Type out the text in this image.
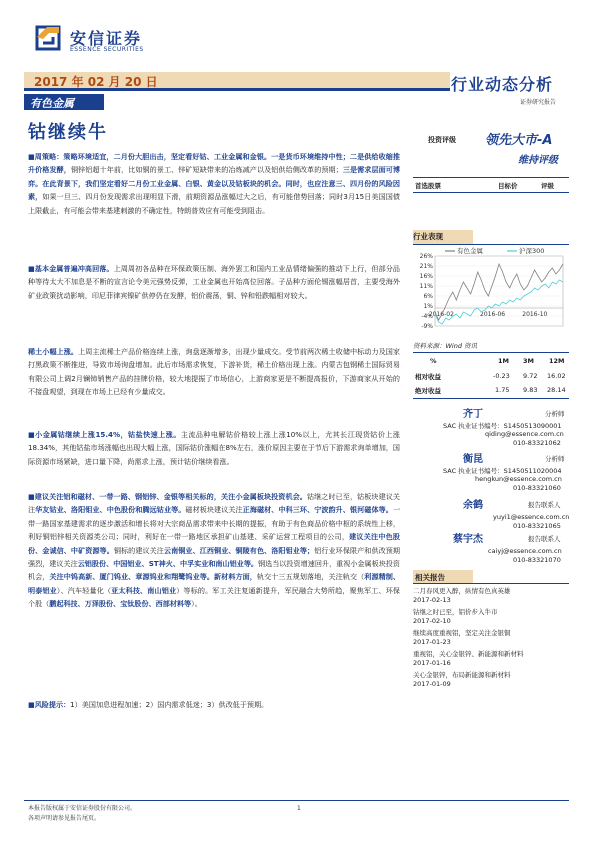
安信证券
ESSENCE SECURITIES
2017 年 02 月 20 日
有色金属
行业动态分析
证券研究报告
钴继续牛
■周策略：策略环境适宜，二月份大胆出击，坚定看好钴、工业金属和金银。一是货币环境维持中性；二是供给收缩推升价格发酵，铜锌铝超十年前，比如铜的景工、锌矿短缺带来的冶炼减产以及铝供给侧改革的预期；三是需求层面可博弈。在此背景下，我们坚定看好二月份工业金属、白银、黄金以及钴板块的机会。同时，也应注意三、四月份的风险因素，如果一旦三、四月份发现需求出现明显下滑，前期资源品涨幅过大之后，有可能借势回落；同时3月15日美国国债上限截止，有可能会带来基建刺激的不确定性，特朗普效应有可能受到阻击。
■基本金属普遍冲高回落。上周周初各品种在环保政策压制、海外罢工和国内工业品情绪偏强的推动下上行，但部分品种等待太大不加息是不断的宣言论令美元强势反弹，工业金属也开始高位回落。子品种方面伦锡涨幅居首，主要受海外矿业政策扰动影响，印尼菲律宾镍矿供停仍在发酵，铝价震荡，铜、锌和铅跌幅相对较大。
稀土小幅上涨。上周主流稀土产品价格连续上涨，询盘逐渐增多，出现少量成交。受节前两次稀土收储中标动力及国家打黑政策不断推进，导致市场询盘增加。此后市场需求恢复，下游补货，稀土价格出现上涨。内蒙古包钢稀土国际贸易有限公司上调2月镧铈销售产品的挂牌价格，较大地提振了市场信心，上游商家更是不断提高报价，下游商家从开始的不接盘观望，到现在市场上已经有少量成交。
■小金属钴继续上涨15.4%，钴盐快速上涨。主流品种电解钴价格较上涨上涨10%以上，尤其长江现货钴价上涨18.34%，其他钴盐市场涨幅也出现大幅上涨，国际钴价涨幅在8%左右，涨价原因主要在于节后下游需求询单增加，国际资源市场紧缺，进口量下降，尚需求上涨，预计钴价继续看涨。
■建议关注铝和磁材、一带一路、钢铝锌、金银等相关标的，关注小金属板块投资机会。钴继之时已至，钴板块建议关注华友钴业、洛阳钼业、中色股份和腾远钴业等。磁材板块建议关注正海磁材、中科三环、宁波韵升、银河磁体等。一带一路国家基建需求的逐步激活和增长将对大宗商品需求带来中长期的提振，有助于有色商品价格中枢的系统性上移，利好铜铝锌相关资源类公司；同时，利好在一带一路地区承担矿山基建、采矿运营工程项目的公司，建议关注中色股份、金诚信、中矿资源等。铜标的建议关注云南铜业、江西铜业、铜陵有色、洛阳钼业等；铝行业环保限产和供改预期强烈，建议关注云铝股份、中国铝业、ST神火、中孚实业和南山铝业等。钢选当以投资增速回升，重视小金属板块投资机会，关注中钨高新、厦门钨业、章源钨业和翔鹭钨业等。新材料方面，轨交十三五规划落地，关注轨交（利源精制、明泰铝业）、汽车轻量化（亚太科技、南山铝业）等标的。军工关注复通新提升，军民融合大势所趋，聚焦军工、环保个股（鹏起科技、万泽股份、宝钛股份、西部材料等）。
■风险提示：1）美国加息进程加速；2）国内需求低迷；3）供改低于预期。
投资评级 领先大市-A
维持评级
首选股票	目标价	评级
行业表现
26%
21%
16%
11%
6%
1%
-4%
-9%
2016-02	2016-06	2016-10
有色金属	沪深300
资料来源：Wind 资讯
%	1M 3M 12M
相对收益	-0.23 9.72 16.02
绝对收益	1.75 9.83 28.14
齐丁	分析师
SAC 执业证书编号：S1450513090001
qiding@essence.com.cn
010-83321062
衡昆	分析师
SAC 执业证书编号：S1450511020004
hengkun@essence.com.cn
010-83321060
余鹤	报告联系人
yuyi1@essence.com.cn
010-83321065
蔡宇杰	报告联系人
caiyj@essence.com.cn
010-83321070
相关报告
二月春风更入醉，纵情有色真英雄
2017-02-13
钴继之时已至，铝价步入牛市
2017-02-10
继续高度重视铝，坚定关注金银铜
2017-01-23
重视铝，关心金银锌、新能源和新材料
2017-01-16
关心金银锌，布局新能源和新材料
2017-01-09
本报告版权属于安信证券股份有限公司。
各项声明请参见报告尾页。
1
